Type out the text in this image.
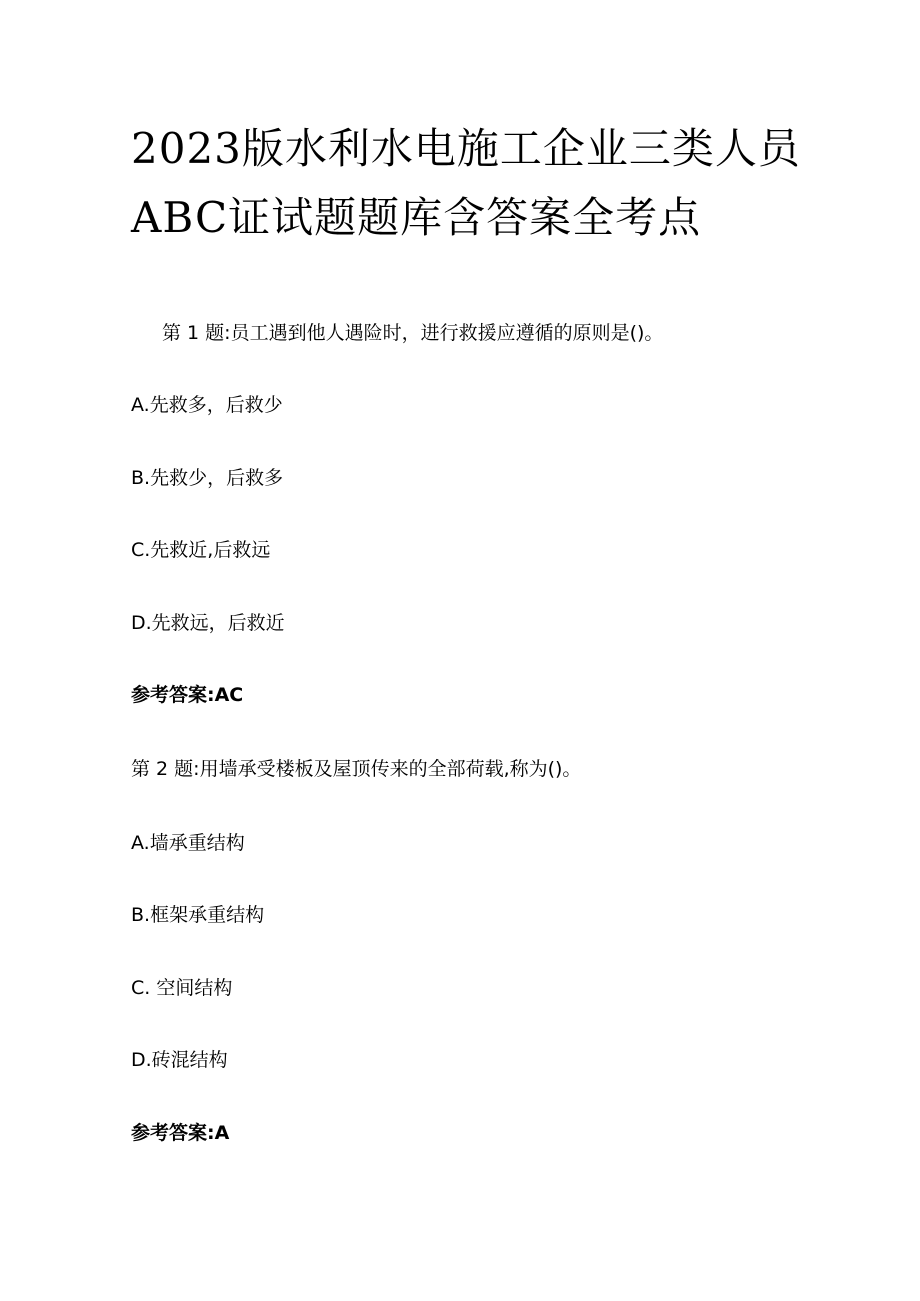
2023版水利水电施工企业三类人员
ABC证试题题库含答案全考点

第 1 题:员工遇到他人遇险时，进行救援应遵循的原则是()。

A.先救多，后救少

B.先救少，后救多

C.先救近,后救远

D.先救远，后救近

参考答案:AC

第 2 题:用墙承受楼板及屋顶传来的全部荷载,称为()。

A.墙承重结构

B.框架承重结构

C. 空间结构

D.砖混结构

参考答案:A
